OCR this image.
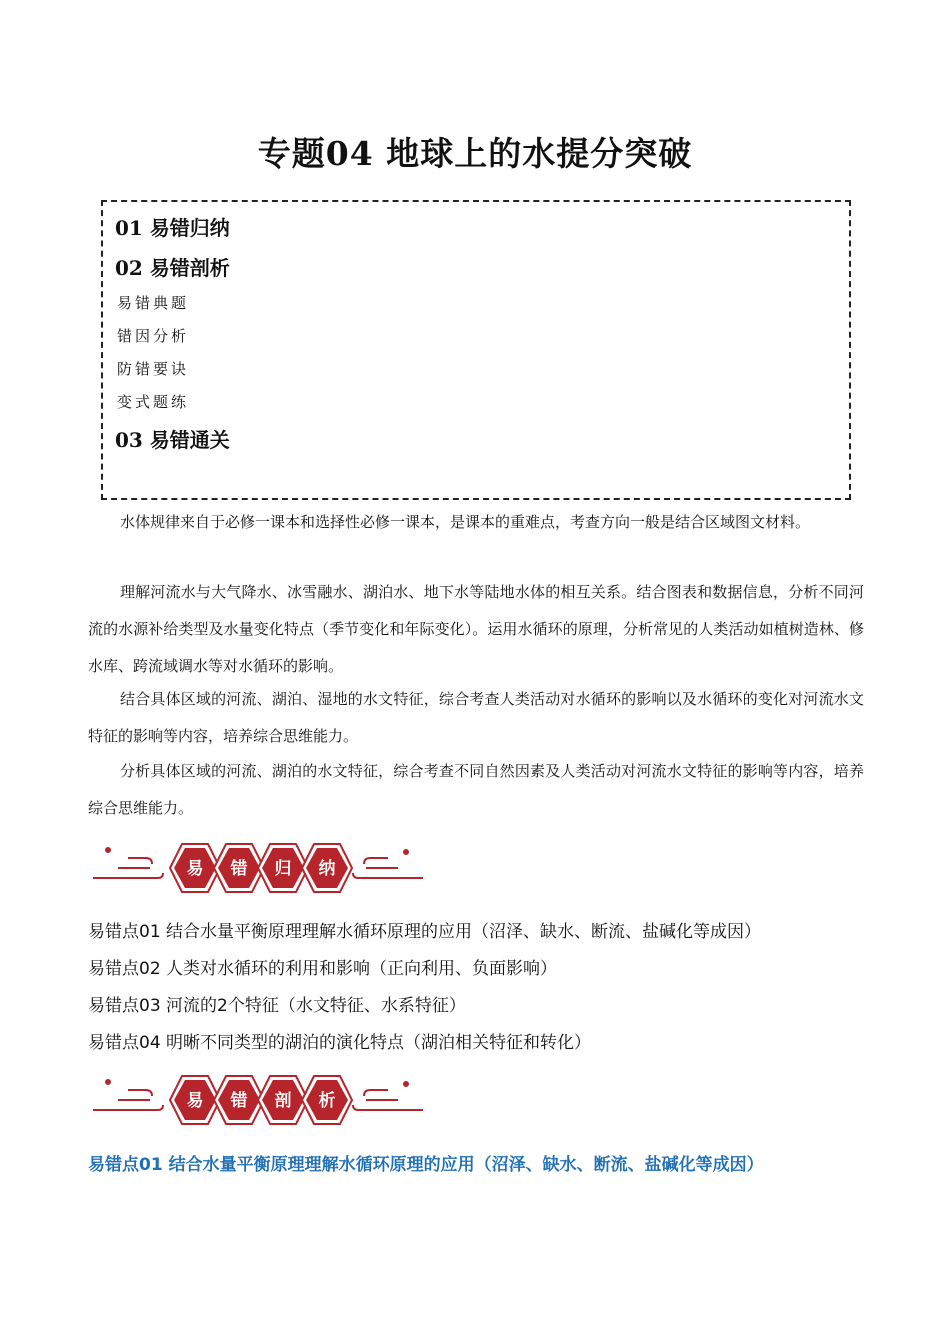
专题04 地球上的水提分突破
01 易错归纳
02 易错剖析
易错典题
错因分析
防错要诀
变式题练
03 易错通关

水体规律来自于必修一课本和选择性必修一课本，是课本的重难点，考查方向一般是结合区域图文材料。

理解河流水与大气降水、冰雪融水、湖泊水、地下水等陆地水体的相互关系。结合图表和数据信息，分析不同河流的水源补给类型及水量变化特点（季节变化和年际变化）。运用水循环的原理，分析常见的人类活动如植树造林、修水库、跨流域调水等对水循环的影响。

结合具体区域的河流、湖泊、湿地的水文特征，综合考查人类活动对水循环的影响以及水循环的变化对河流水文特征的影响等内容，培养综合思维能力。

分析具体区域的河流、湖泊的水文特征，综合考查不同自然因素及人类活动对河流水文特征的影响等内容，培养综合思维能力。

易 错 归 纳

易错点01 结合水量平衡原理理解水循环原理的应用（沼泽、缺水、断流、盐碱化等成因）

易错点02 人类对水循环的利用和影响（正向利用、负面影响）

易错点03 河流的2个特征（水文特征、水系特征）

易错点04 明晰不同类型的湖泊的演化特点（湖泊相关特征和转化）

易 错 剖 析

易错点01 结合水量平衡原理理解水循环原理的应用（沼泽、缺水、断流、盐碱化等成因）
